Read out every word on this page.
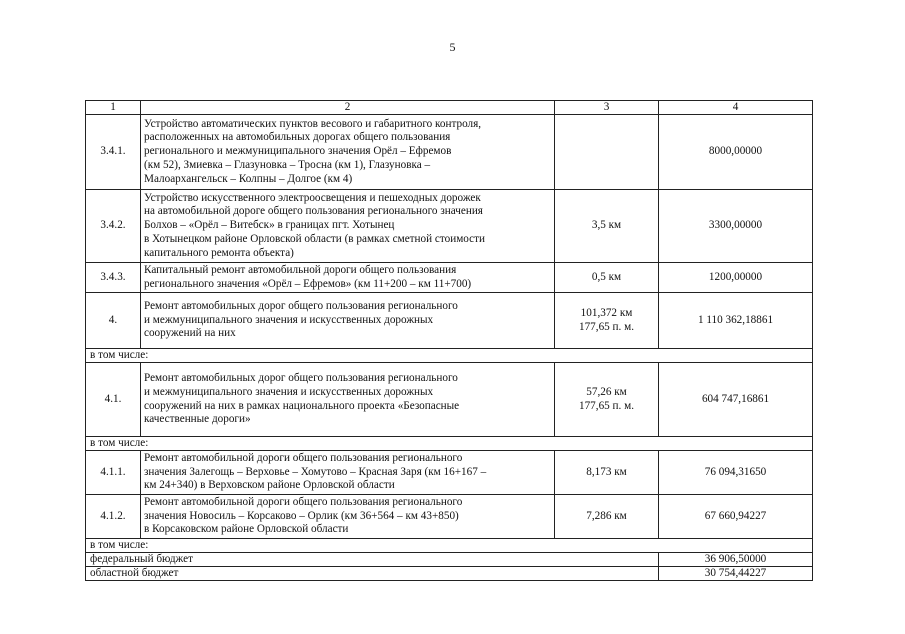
5
1	2	3	4
3.4.1.	Устройство автоматических пунктов весового и габаритного контроля,
расположенных на автомобильных дорогах общего пользования
регионального и межмуниципального значения Орёл – Ефремов
(км 52), Змиевка – Глазуновка – Тросна (км 1), Глазуновка –
Малоархангельск – Колпны – Долгое (км 4)		8000,00000
3.4.2.	Устройство искусственного электроосвещения и пешеходных дорожек
на автомобильной дороге общего пользования регионального значения
Болхов – «Орёл – Витебск» в границах пгт. Хотынец
в Хотынецком районе Орловской области (в рамках сметной стоимости
капитального ремонта объекта)	3,5 км	3300,00000
3.4.3.	Капитальный ремонт автомобильной дороги общего пользования
регионального значения «Орёл – Ефремов» (км 11+200 – км 11+700)	0,5 км	1200,00000
4.	Ремонт автомобильных дорог общего пользования регионального
и межмуниципального значения и искусственных дорожных
сооружений на них	101,372 км
177,65 п. м.	1 110 362,18861
в том числе:			
4.1.	Ремонт автомобильных дорог общего пользования регионального
и межмуниципального значения и искусственных дорожных
сооружений на них в рамках национального проекта «Безопасные
качественные дороги»	57,26 км
177,65 п. м.	604 747,16861
в том числе:			
4.1.1.	Ремонт автомобильной дороги общего пользования регионального
значения Залегощь – Верховье – Хомутово – Красная Заря (км 16+167 –
км 24+340) в Верховском районе Орловской области	8,173 км	76 094,31650
4.1.2.	Ремонт автомобильной дороги общего пользования регионального
значения Новосиль – Корсаково – Орлик (км 36+564 – км 43+850)
в Корсаковском районе Орловской области	7,286 км	67 660,94227
в том числе:			
федеральный бюджет			36 906,50000
областной бюджет			30 754,44227
